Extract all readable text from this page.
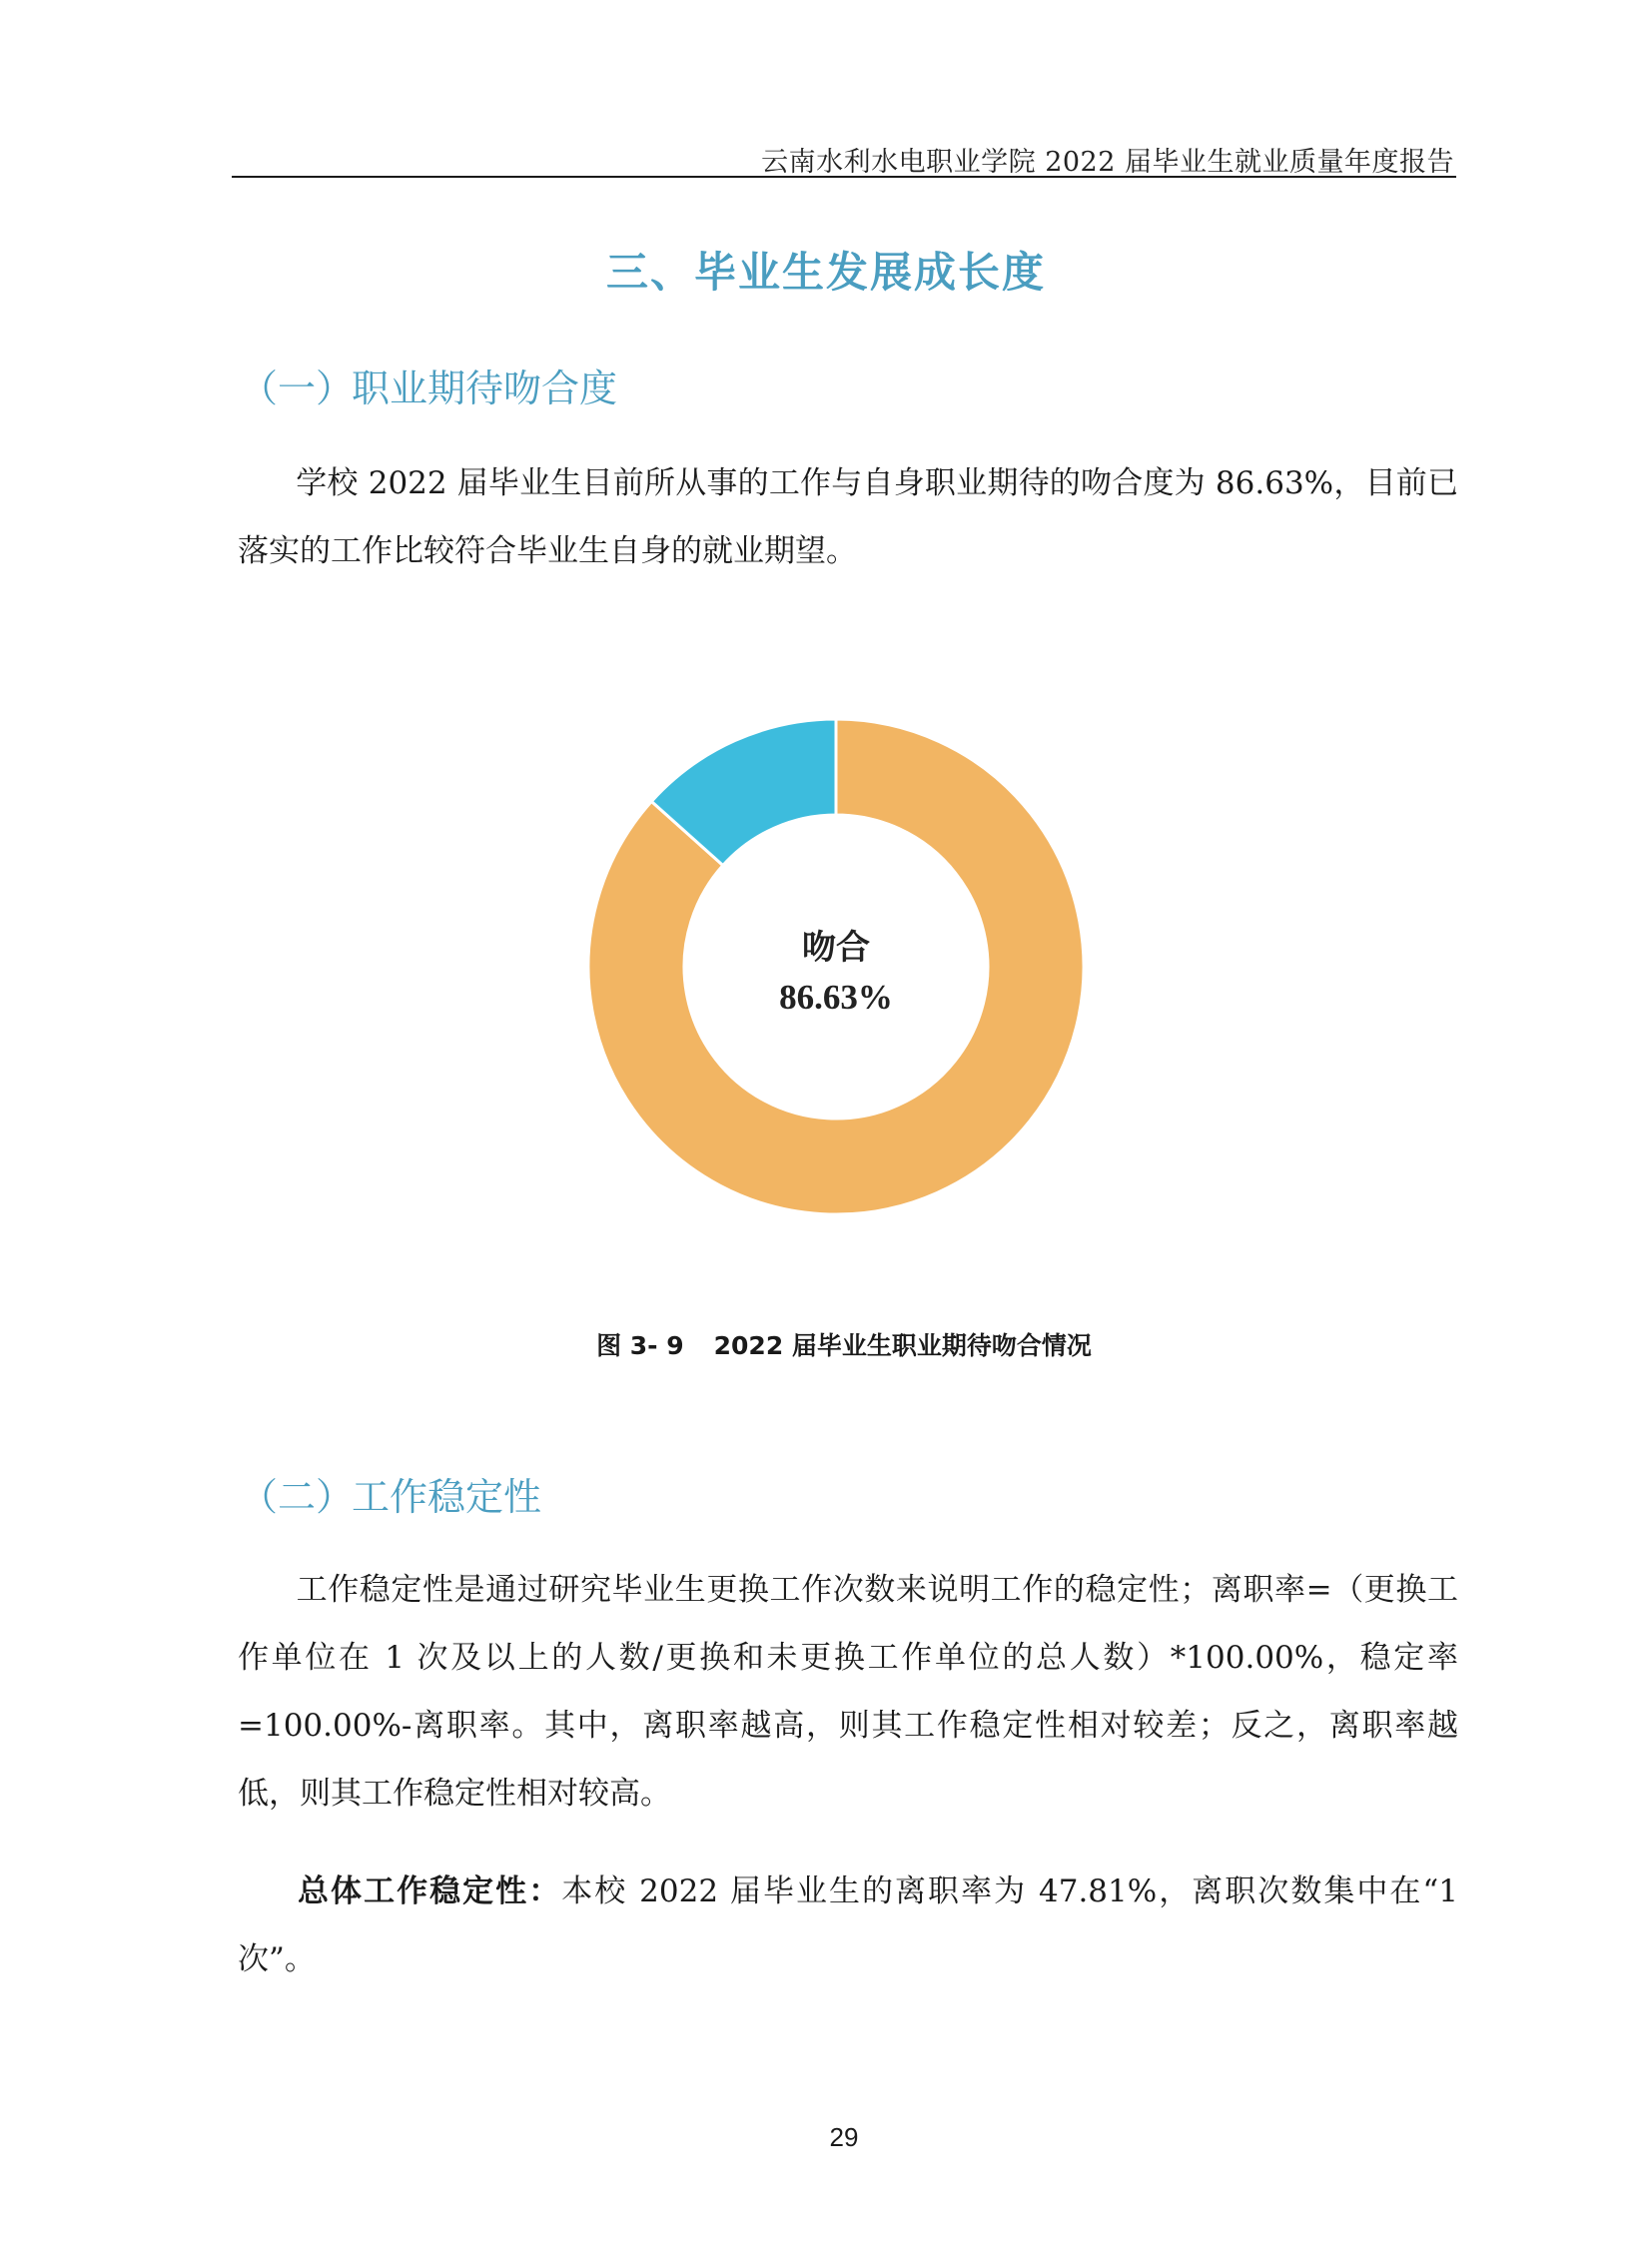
云南水利水电职业学院 2022 届毕业生就业质量年度报告
三、毕业生发展成长度
（一）职业期待吻合度

学校 2022 届毕业生目前所从事的工作与自身职业期待的吻合度为 86.63%，目前已落实的工作比较符合毕业生自身的就业期望。

吻合
86.63%
图 3- 9 2022 届毕业生职业期待吻合情况
（二）工作稳定性

工作稳定性是通过研究毕业生更换工作次数来说明工作的稳定性；离职率=（更换工作单位在 1 次及以上的人数/更换和未更换工作单位的总人数）*100.00%，稳定率=100.00%-离职率。其中，离职率越高，则其工作稳定性相对较差；反之，离职率越低，则其工作稳定性相对较高。

总体工作稳定性：本校 2022 届毕业生的离职率为 47.81%，离职次数集中在“1 次”。

29
